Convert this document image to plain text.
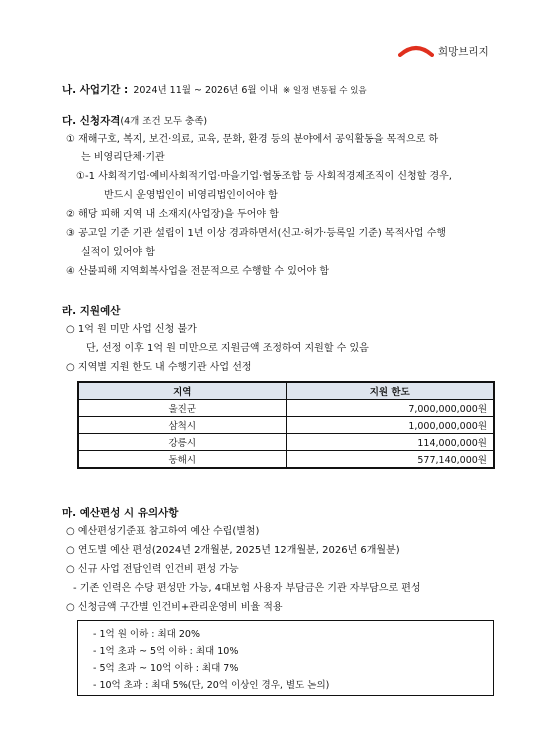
희망브리지
나. 사업기간 : 2024년 11월 ~ 2026년 6월 이내 ※ 일정 변동될 수 있음
다. 신청자격(4개 조건 모두 충족)
① 재해구호, 복지, 보건·의료, 교육, 문화, 환경 등의 분야에서 공익활동을 목적으로 하
는 비영리단체·기관
①-1 사회적기업·예비사회적기업·마을기업·협동조합 등 사회적경제조직이 신청할 경우,
반드시 운영법인이 비영리법인이어야 함
② 해당 피해 지역 내 소재지(사업장)을 두어야 함
③ 공고일 기준 기관 설립이 1년 이상 경과하면서(신고·허가·등록일 기준) 목적사업 수행
실적이 있어야 함
④ 산불피해 지역회복사업을 전문적으로 수행할 수 있어야 함
라. 지원예산
○ 1억 원 미만 사업 신청 불가
단, 선정 이후 1억 원 미만으로 지원금액 조정하여 지원할 수 있음
○ 지역별 지원 한도 내 수행기관 사업 선정
지역	지원 한도
울진군	7,000,000,000원
삼척시	1,000,000,000원
강릉시	114,000,000원
동해시	577,140,000원
마. 예산편성 시 유의사항
○ 예산편성기준표 참고하여 예산 수립(별첨)
○ 연도별 예산 편성(2024년 2개월분, 2025년 12개월분, 2026년 6개월분)
○ 신규 사업 전담인력 인건비 편성 가능
- 기존 인력은 수당 편성만 가능, 4대보험 사용자 부담금은 기관 자부담으로 편성
○ 신청금액 구간별 인건비+관리운영비 비율 적용
- 1억 원 이하 : 최대 20%
- 1억 초과 ~ 5억 이하 : 최대 10%
- 5억 초과 ~ 10억 이하 : 최대 7%
- 10억 초과 : 최대 5%(단, 20억 이상인 경우, 별도 논의)
